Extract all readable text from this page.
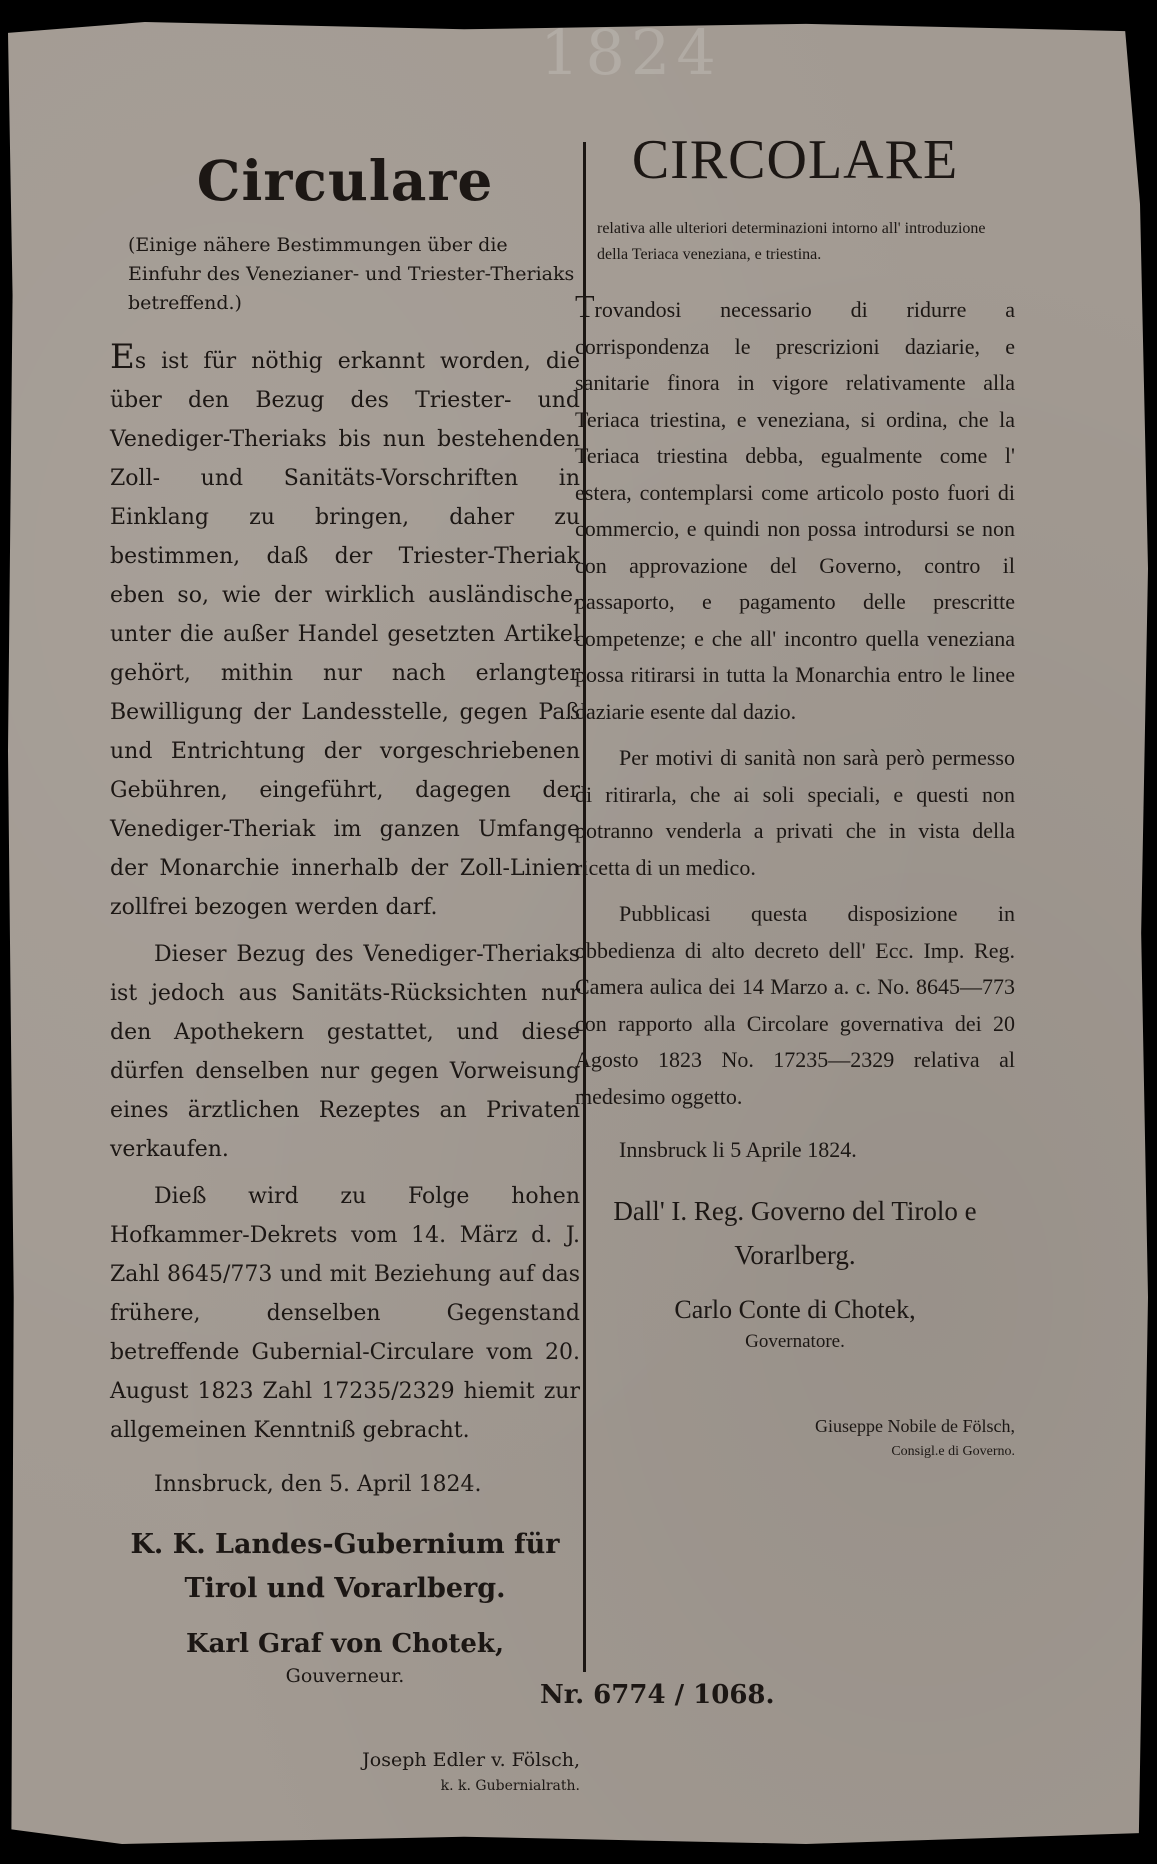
1824
Circulare
(Einige nähere Bestimmungen über die Einfuhr des Venezianer- und Triester-Theriaks betreffend.)

Es ist für nöthig erkannt worden, die über den Bezug des Triester- und Venediger-Theriaks bis nun bestehenden Zoll- und Sanitäts-Vorschriften in Einklang zu bringen, daher zu bestimmen, daß der Triester-Theriak eben so, wie der wirklich ausländische, unter die außer Handel gesetzten Artikel gehört, mithin nur nach erlangter Bewilligung der Landesstelle, gegen Paß und Entrichtung der vorgeschriebenen Gebühren, eingeführt, dagegen der Venediger-Theriak im ganzen Umfange der Monarchie innerhalb der Zoll-Linien zollfrei bezogen werden darf.

Dieser Bezug des Venediger-Theriaks ist jedoch aus Sanitäts-Rücksichten nur den Apothekern gestattet, und diese dürfen denselben nur gegen Vorweisung eines ärztlichen Rezeptes an Privaten verkaufen.

Dieß wird zu Folge hohen Hofkammer-Dekrets vom 14. März d. J. Zahl 8645/773 und mit Beziehung auf das frühere, denselben Gegenstand betreffende Gubernial-Circulare vom 20. August 1823 Zahl 17235/2329 hiemit zur allgemeinen Kenntniß gebracht.

Innsbruck, den 5. April 1824.
K. K. Landes-Gubernium für Tirol und Vorarlberg.
Karl Graf von Chotek,
Gouverneur.
Joseph Edler v. Fölsch,
k. k. Gubernialrath.
CIRCOLARE
relativa alle ulteriori determinazioni intorno all' introduzione della Teriaca veneziana, e triestina.

Trovandosi necessario di ridurre a corrispondenza le prescrizioni daziarie, e sanitarie finora in vigore relativamente alla Teriaca triestina, e veneziana, si ordina, che la Teriaca triestina debba, egualmente come l' estera, contemplarsi come articolo posto fuori di commercio, e quindi non possa introdursi se non con approvazione del Governo, contro il passaporto, e pagamento delle prescritte competenze; e che all' incontro quella veneziana possa ritirarsi in tutta la Monarchia entro le linee daziarie esente dal dazio.

Per motivi di sanità non sarà però permesso di ritirarla, che ai soli speciali, e questi non potranno venderla a privati che in vista della ricetta di un medico.

Pubblicasi questa disposizione in obbedienza di alto decreto dell' Ecc. Imp. Reg. Camera aulica dei 14 Marzo a. c. No. 8645—773 con rapporto alla Circolare governativa dei 20 Agosto 1823 No. 17235—2329 relativa al medesimo oggetto.

Innsbruck li 5 Aprile 1824.
Dall' I. Reg. Governo del Tirolo e Vorarlberg.
Carlo Conte di Chotek,
Governatore.
Giuseppe Nobile de Fölsch,
Consigl.e di Governo.
Nr. 6774 / 1068.
